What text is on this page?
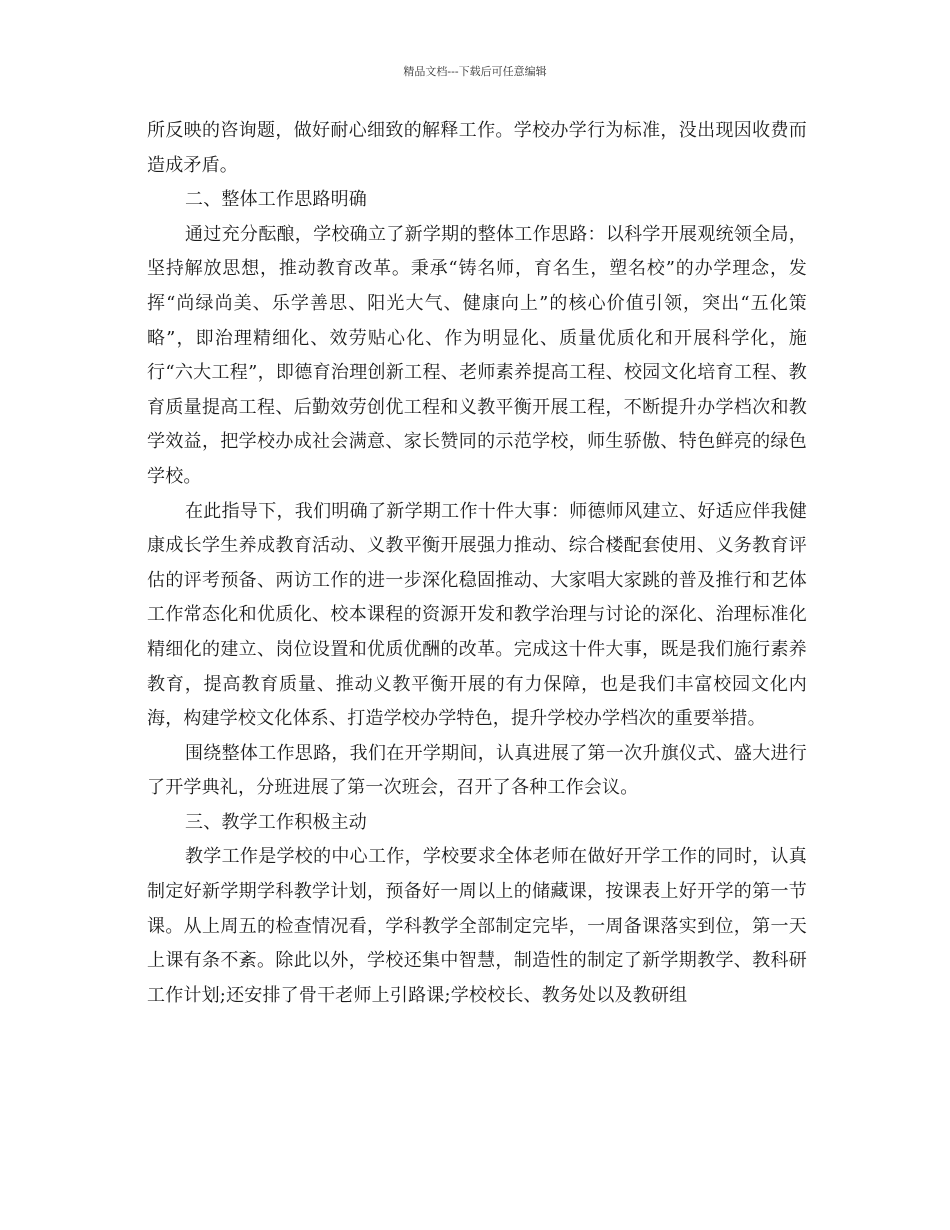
精品文档---下载后可任意编辑

所反映的咨询题，做好耐心细致的解释工作。学校办学行为标准，没出现因收费而造成矛盾。

二、整体工作思路明确

通过充分酝酿，学校确立了新学期的整体工作思路：以科学开展观统领全局，坚持解放思想，推动教育改革。秉承“铸名师，育名生，塑名校”的办学理念，发挥“尚绿尚美、乐学善思、阳光大气、健康向上”的核心价值引领，突出“五化策略”，即治理精细化、效劳贴心化、作为明显化、质量优质化和开展科学化，施行“六大工程”，即德育治理创新工程、老师素养提高工程、校园文化培育工程、教育质量提高工程、后勤效劳创优工程和义教平衡开展工程，不断提升办学档次和教学效益，把学校办成社会满意、家长赞同的示范学校，师生骄傲、特色鲜亮的绿色学校。

在此指导下，我们明确了新学期工作十件大事：师德师风建立、好适应伴我健康成长学生养成教育活动、义教平衡开展强力推动、综合楼配套使用、义务教育评估的评考预备、两访工作的进一步深化稳固推动、大家唱大家跳的普及推行和艺体工作常态化和优质化、校本课程的资源开发和教学治理与讨论的深化、治理标准化精细化的建立、岗位设置和优质优酬的改革。完成这十件大事，既是我们施行素养教育，提高教育质量、推动义教平衡开展的有力保障，也是我们丰富校园文化内海，构建学校文化体系、打造学校办学特色，提升学校办学档次的重要举措。

围绕整体工作思路，我们在开学期间，认真进展了第一次升旗仪式、盛大进行了开学典礼，分班进展了第一次班会，召开了各种工作会议。

三、教学工作积极主动

教学工作是学校的中心工作，学校要求全体老师在做好开学工作的同时，认真制定好新学期学科教学计划，预备好一周以上的储藏课，按课表上好开学的第一节课。从上周五的检查情况看，学科教学全部制定完毕，一周备课落实到位，第一天上课有条不紊。除此以外，学校还集中智慧，制造性的制定了新学期教学、教科研工作计划;还安排了骨干老师上引路课;学校校长、教务处以及教研组
